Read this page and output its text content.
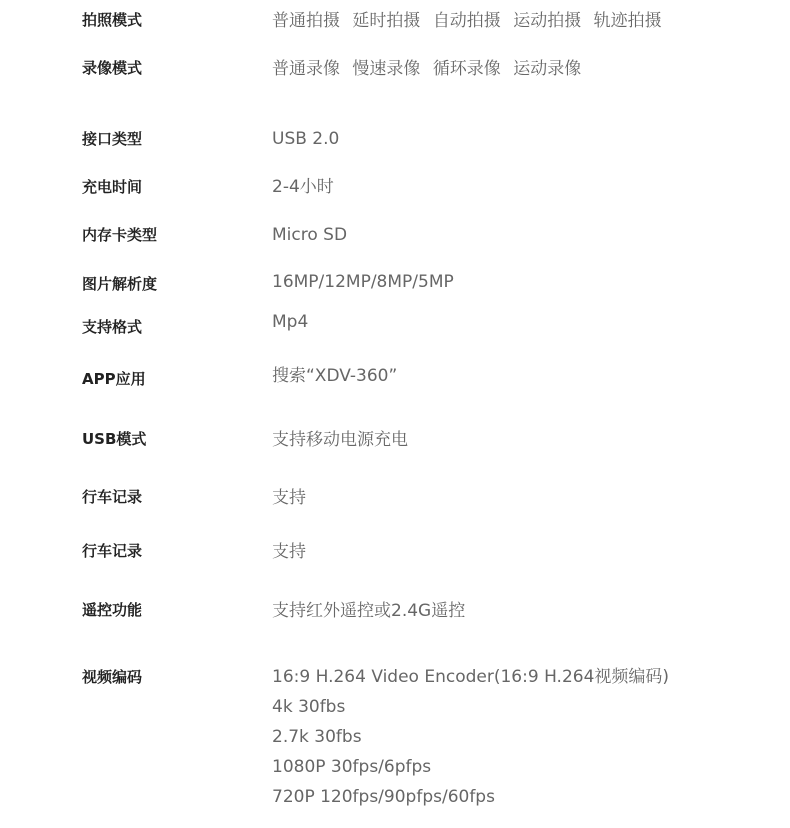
拍照模式	普通拍摄 延时拍摄 自动拍摄 运动拍摄 轨迹拍摄
录像模式	普通录像 慢速录像 循环录像 运动录像
接口类型	USB 2.0
充电时间	2-4小时
内存卡类型	Micro SD
图片解析度	16MP/12MP/8MP/5MP
支持格式	Mp4
APP应用	搜索“XDV-360”
USB模式	支持移动电源充电
行车记录	支持
行车记录	支持
遥控功能	支持红外遥控或2.4G遥控
视频编码	16:9 H.264 Video Encoder(16:9 H.264视频编码)
4k 30fbs
2.7k 30fbs
1080P 30fps/6pfps
720P 120fps/90pfps/60fps
